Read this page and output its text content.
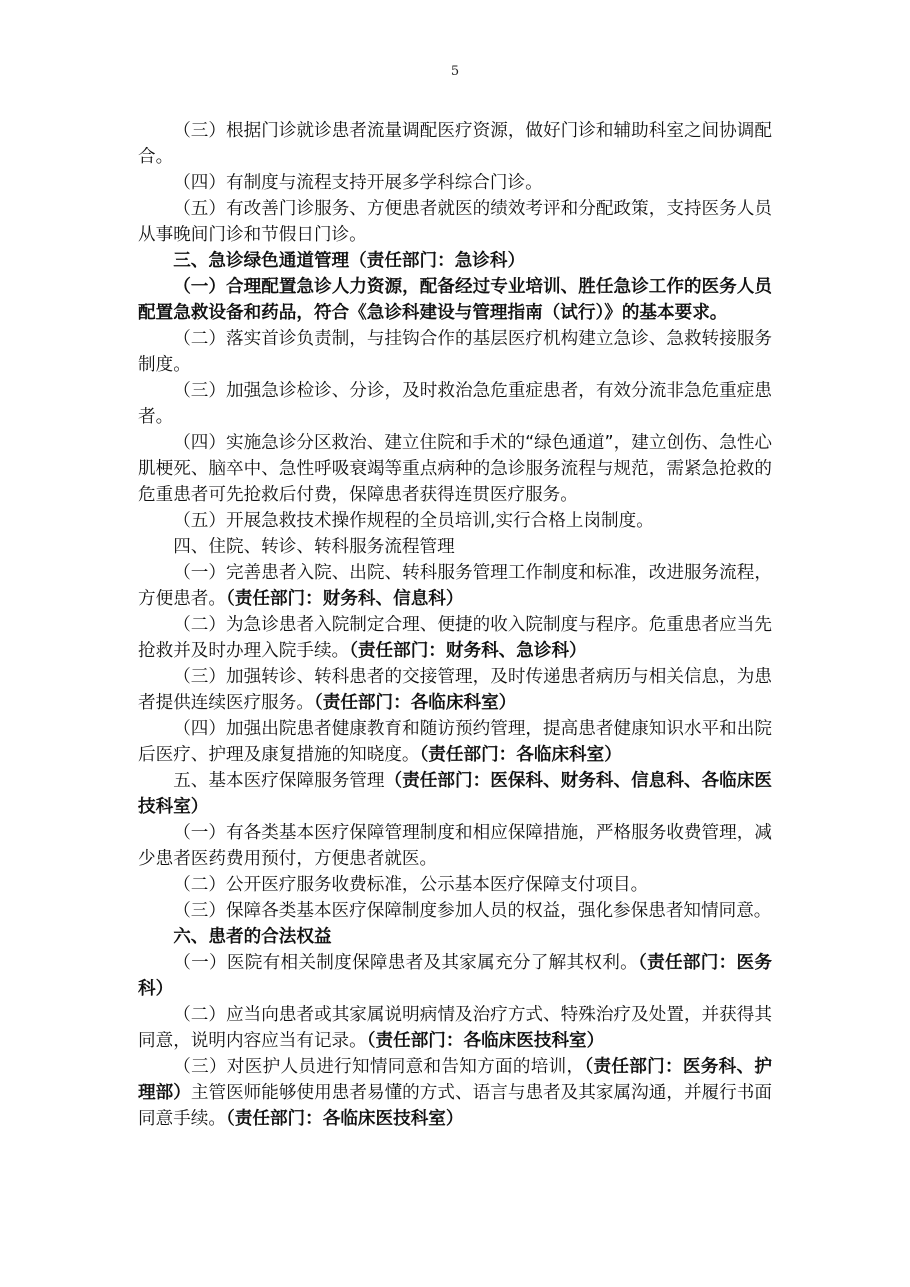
5

（三）根据门诊就诊患者流量调配医疗资源，做好门诊和辅助科室之间协调配合。

（四）有制度与流程支持开展多学科综合门诊。

（五）有改善门诊服务、方便患者就医的绩效考评和分配政策，支持医务人员从事晚间门诊和节假日门诊。

三、急诊绿色通道管理（责任部门：急诊科）

（一）合理配置急诊人力资源，配备经过专业培训、胜任急诊工作的医务人员配置急救设备和药品，符合《急诊科建设与管理指南（试行）》的基本要求。

（二）落实首诊负责制，与挂钩合作的基层医疗机构建立急诊、急救转接服务制度。

（三）加强急诊检诊、分诊，及时救治急危重症患者，有效分流非急危重症患者。

（四）实施急诊分区救治、建立住院和手术的“绿色通道”，建立创伤、急性心肌梗死、脑卒中、急性呼吸衰竭等重点病种的急诊服务流程与规范，需紧急抢救的危重患者可先抢救后付费，保障患者获得连贯医疗服务。

（五）开展急救技术操作规程的全员培训,实行合格上岗制度。

四、住院、转诊、转科服务流程管理

（一）完善患者入院、出院、转科服务管理工作制度和标准，改进服务流程，方便患者。（责任部门：财务科、信息科）

（二）为急诊患者入院制定合理、便捷的收入院制度与程序。危重患者应当先抢救并及时办理入院手续。（责任部门：财务科、急诊科）

（三）加强转诊、转科患者的交接管理，及时传递患者病历与相关信息，为患者提供连续医疗服务。（责任部门：各临床科室）

（四）加强出院患者健康教育和随访预约管理，提高患者健康知识水平和出院后医疗、护理及康复措施的知晓度。（责任部门：各临床科室）

五、基本医疗保障服务管理（责任部门：医保科、财务科、信息科、各临床医技科室）

（一）有各类基本医疗保障管理制度和相应保障措施，严格服务收费管理，减少患者医药费用预付，方便患者就医。

（二）公开医疗服务收费标准，公示基本医疗保障支付项目。

（三）保障各类基本医疗保障制度参加人员的权益，强化参保患者知情同意。

六、患者的合法权益

（一）医院有相关制度保障患者及其家属充分了解其权利。（责任部门：医务科）

（二）应当向患者或其家属说明病情及治疗方式、特殊治疗及处置，并获得其同意，说明内容应当有记录。（责任部门：各临床医技科室）

（三）对医护人员进行知情同意和告知方面的培训，（责任部门：医务科、护理部）主管医师能够使用患者易懂的方式、语言与患者及其家属沟通，并履行书面同意手续。（责任部门：各临床医技科室）
